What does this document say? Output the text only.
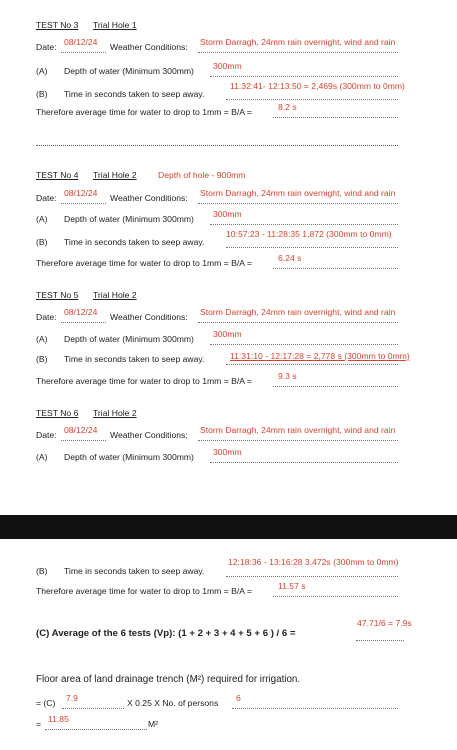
TEST No 3 Trial Hole 1
Date: 08/12/24 Weather Conditions: Storm Darragh, 24mm rain overnight, wind and rain
(A) Depth of water (Minimum 300mm) 300mm
(B) Time in seconds taken to seep away.
11:32:41- 12:13:50 = 2,469s (300mm to 0mm)
Therefore average time for water to drop to 1mm = B/A =	8.2 s
TEST No 4 Trial Hole 2 Depth of hole - 900mm
Date: 08/12/24 Weather Conditions: Storm Darragh, 24mm rain overnight, wind and rain
(A) Depth of water (Minimum 300mm) 300mm
(B) Time in seconds taken to seep away.
10:57:23 - 11:28:35 1,872 (300mm to 0mm)
Therefore average time for water to drop to 1mm = B/A =	6.24 s
TEST No 5 Trial Hole 2
Date: 08/12/24 Weather Conditions: Storm Darragh, 24mm rain overnight, wind and rain
(A) Depth of water (Minimum 300mm) 300mm
(B) Time in seconds taken to seep away.	11:31:10 - 12:17:28 = 2,778 s (300mm to 0mm)
Therefore average time for water to drop to 1mm = B/A =	9.3 s
TEST No 6 Trial Hole 2
Date: 08/12/24 Weather Conditions: Storm Darragh, 24mm rain overnight, wind and rain
(A) Depth of water (Minimum 300mm) 300mm
(B) Time in seconds taken to seep away.
12:18:36 - 13:16:28 3,472s (300mm to 0mm)
Therefore average time for water to drop to 1mm = B/A =	11.57 s
(C) Average of the 6 tests (Vp): (1 + 2 + 3 + 4 + 5 + 6 ) / 6 =
47.71/6 = 7.9s
Floor area of land drainage trench (M²) required for irrigation.
= (C) 7.9	X 0.25 X No. of persons 6
= 11.85	M²
